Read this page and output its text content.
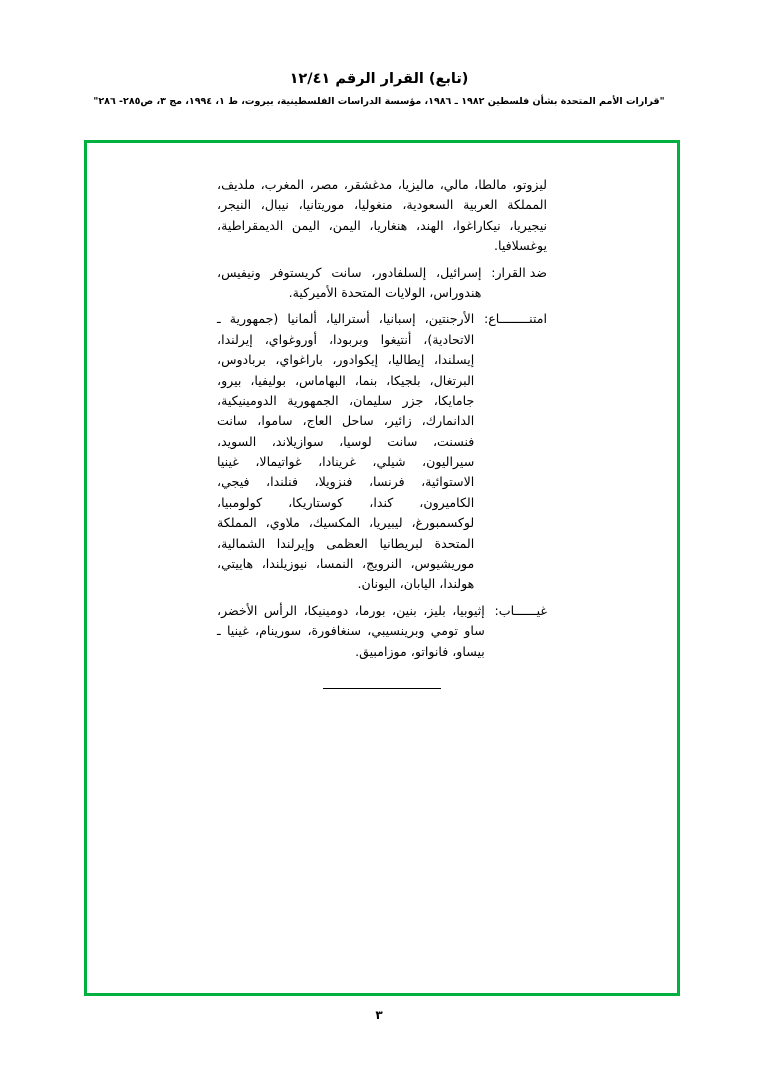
(تابع) القرار الرقم ١٢/٤١
"قرارات الأمم المتحدة بشأن فلسطين ١٩٨٢ ـ ١٩٨٦، مؤسسة الدراسات الفلسطينية، بيروت، ط ١، ١٩٩٤، مج ٣، ص٢٨٥- ٢٨٦"

ليزوتو، مالطا، مالي، ماليزيا، مدغشقر، مصر، المغرب، ملديف، المملكة العربية السعودية، منغوليا، موريتانيا، نيبال، النيجر، نيجيريا، نيكاراغوا، الهند، هنغاريا، اليمن، اليمن الديمقراطية، يوغسلافيا.

ضد القرار
:
إسرائيل، إلسلفادور، سانت كريستوفر ونيفيس، هندوراس، الولايات المتحدة الأميركية.
امتنــــــــاع
:
الأرجنتين، إسبانيا، أستراليا، ألمانيا (جمهورية ـ الاتحادية)، أنتيغوا وبربودا، أوروغواي، إيرلندا، إيسلندا، إيطاليا، إيكوادور، باراغواي، بربادوس، البرتغال، بلجيكا، بنما، البهاماس، بوليفيا، بيرو، جامايكا، جزر سليمان، الجمهورية الدومينيكية، الدانمارك، زائير، ساحل العاج، ساموا، سانت فنسنت، سانت لوسيا، سوازيلاند، السويد، سيراليون، شيلي، غرينادا، غواتيمالا، غينيا الاستوائية، فرنسا، فنزويلا، فنلندا، فيجي، الكاميرون، كندا، كوستاريكا، كولومبيا، لوكسمبورغ، ليبيريا، المكسيك، ملاوي، المملكة المتحدة لبريطانيا العظمى وإيرلندا الشمالية، موريشيوس، النرويج، النمسا، نيوزيلندا، هاييتي، هولندا، اليابان، اليونان.
غيــــــاب
:
إثيوبيا، بليز، بنين، بورما، دومينيكا، الرأس الأخضر، ساو تومي وبرينسيبي، سنغافورة، سورينام، غينيا ـ بيساو، فانواتو، موزامبيق.
٣
